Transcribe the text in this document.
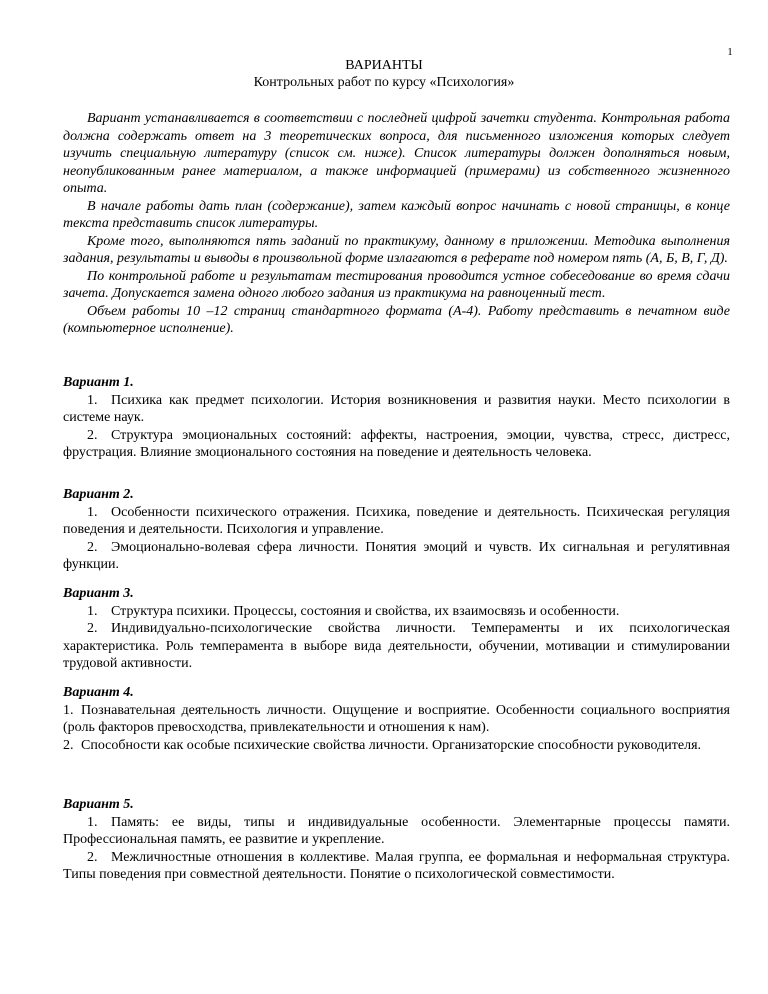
1
ВАРИАНТЫ
Контрольных работ по курсу «Психология»

Вариант устанавливается в соответствии с последней цифрой зачетки студента. Контрольная работа должна содержать ответ на 3 теоретических вопроса, для письменного изложения которых следует изучить специальную литературу (список см. ниже). Список литературы должен дополняться новым, неопубликованным ранее материалом, а также информацией (примерами) из собственного жизненного опыта.

В начале работы дать план (содержание), затем каждый вопрос начинать с новой страницы, в конце текста представить список литературы.

Кроме того, выполняются пять заданий по практикуму, данному в приложении. Методика выполнения задания, результаты и выводы в произвольной форме излагаются в реферате под номером пять (А, Б, В, Г, Д).

По контрольной работе и результатам тестирования проводится устное собеседование во время сдачи зачета. Допускается замена одного любого задания из практикума на равноценный тест.

Объем работы 10 –12 страниц стандартного формата (А-4). Работу представить в печатном виде (компьютерное исполнение).

Вариант 1.

1. Психика как предмет психологии. История возникновения и развития науки. Место психологии в системе наук.

2. Структура эмоциональных состояний: аффекты, настроения, эмоции, чувства, стресс, дистресс, фрустрация. Влияние змоционального состояния на поведение и деятельность человека.

Вариант 2.

1. Особенности психического отражения. Психика, поведение и деятельность. Психическая регуляция поведения и деятельности. Психология и управление.

2. Эмоционально-волевая сфера личности. Понятия эмоций и чувств. Их сигнальная и регулятивная функции.

Вариант 3.

1. Структура психики. Процессы, состояния и свойства, их взаимосвязь и особенности.

2. Индивидуально-психологические свойства личности. Темпераменты и их психологическая характеристика. Роль темперамента в выборе вида деятельности, обучении, мотивации и стимулировании трудовой активности.

Вариант 4.

1. Познавательная деятельность личности. Ощущение и восприятие. Особенности социального восприятия (роль факторов превосходства, привлекательности и отношения к нам).

2. Способности как особые психические свойства личности. Организаторские способности руководителя.

Вариант 5.

1. Память: ее виды, типы и индивидуальные особенности. Элементарные процессы памяти. Профессиональная память, ее развитие и укрепление.

2. Межличностные отношения в коллективе. Малая группа, ее формальная и неформальная структура. Типы поведения при совместной деятельности. Понятие о психологической совместимости.
